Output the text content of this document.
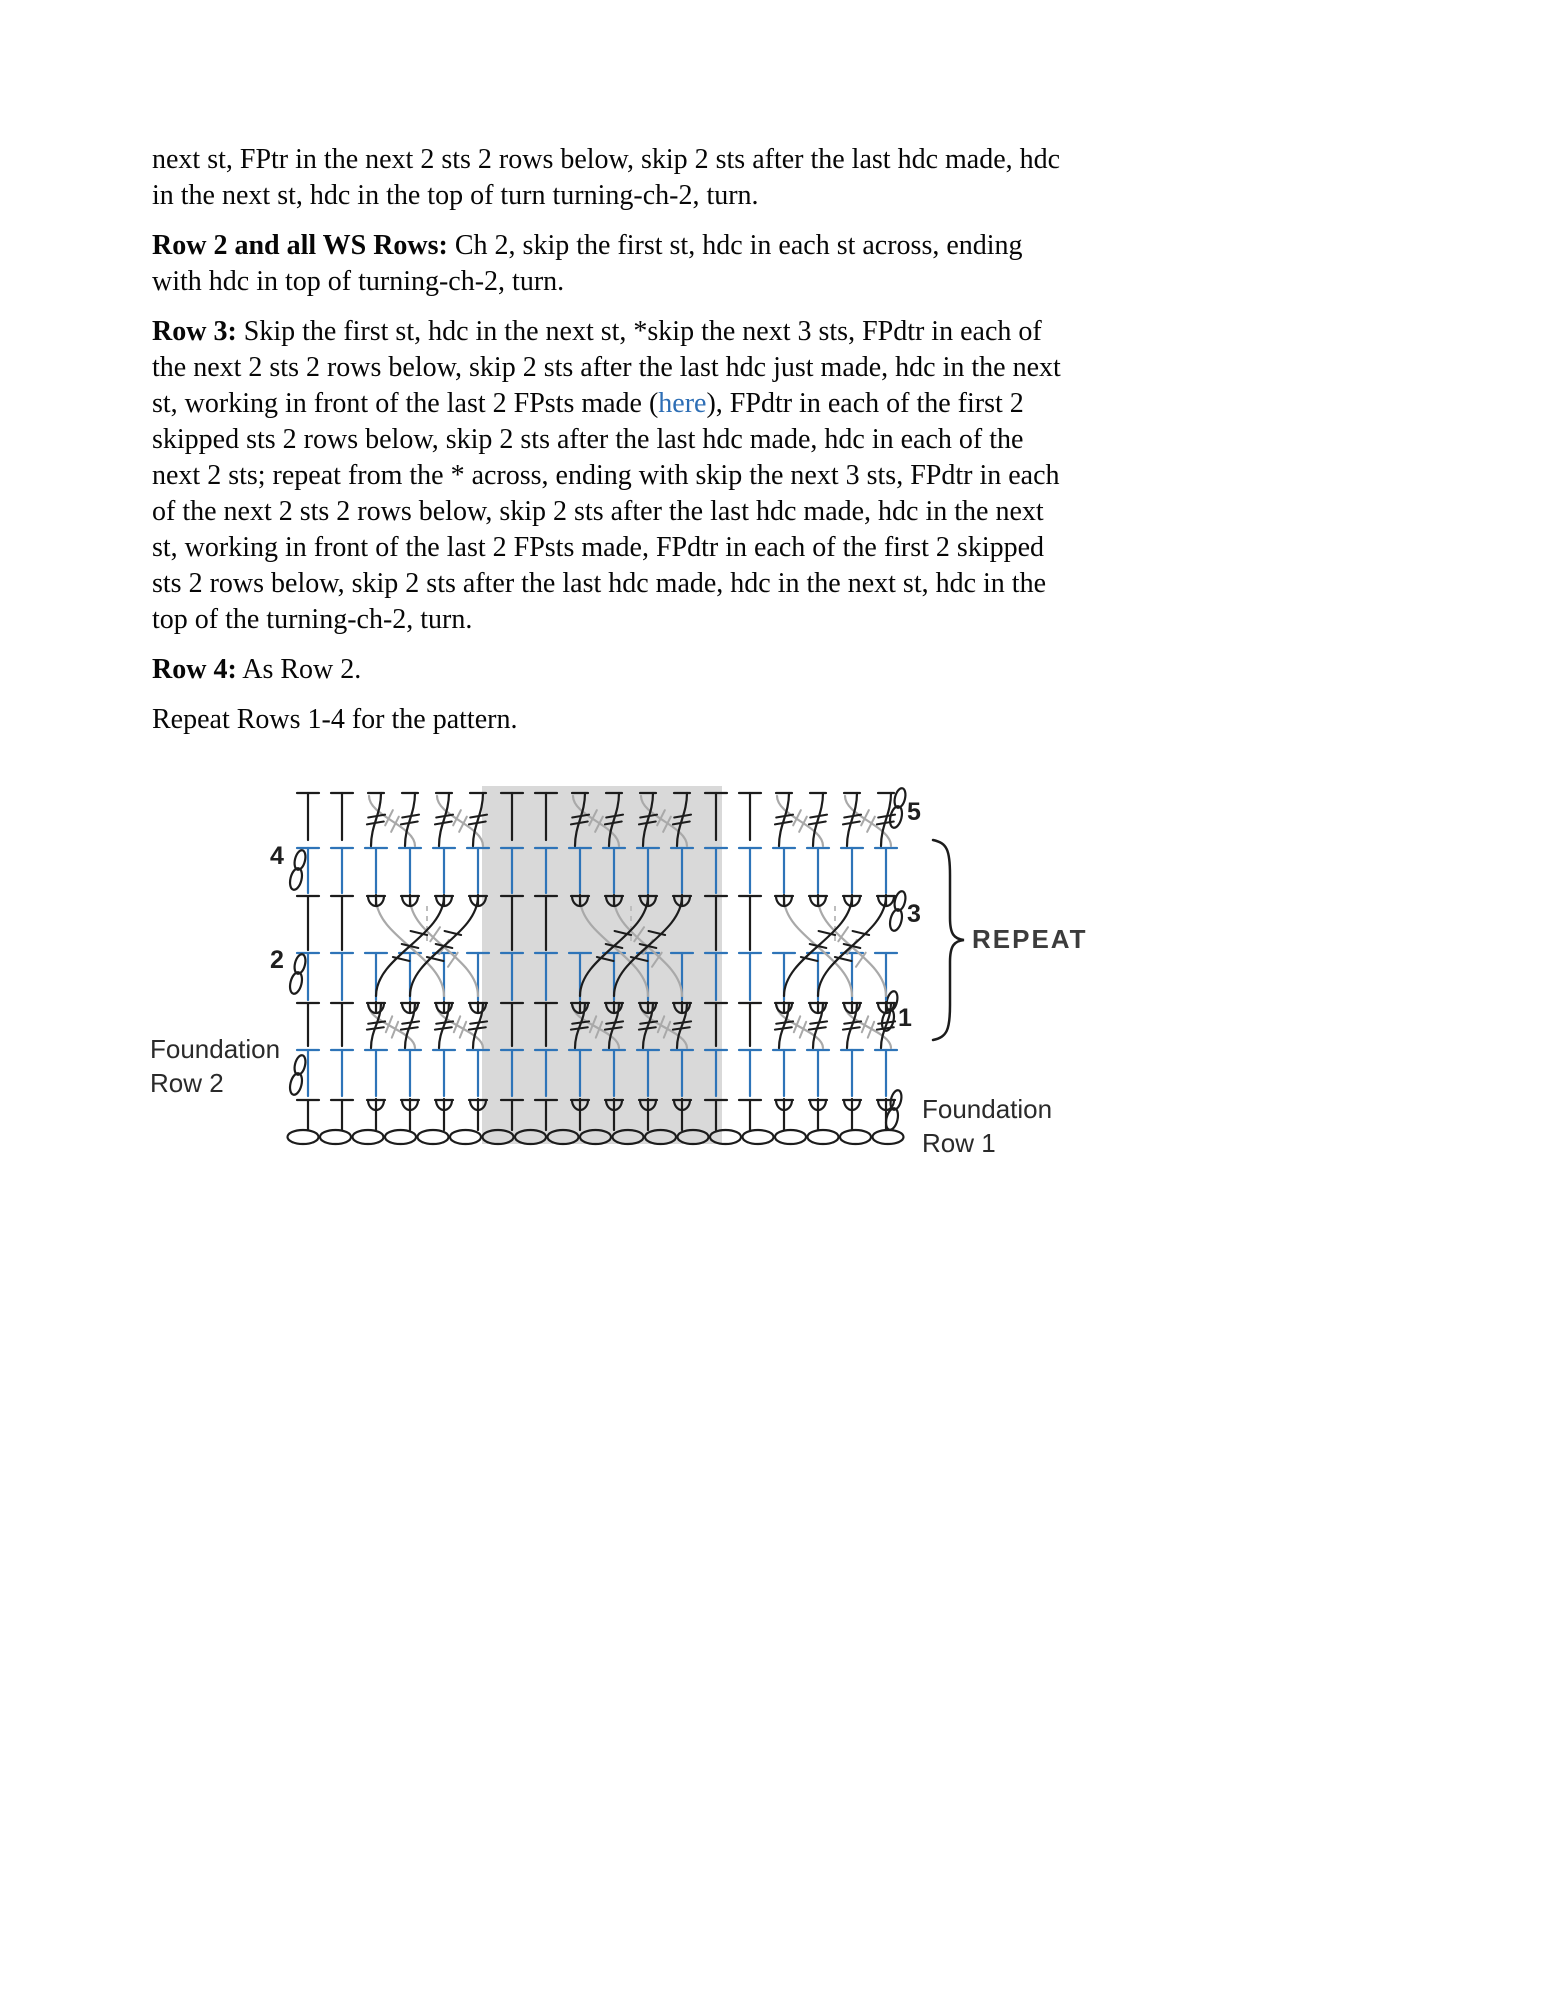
next st, FPtr in the next 2 sts 2 rows below, skip 2 sts after the last hdc made, hdc in the next st, hdc in the top of turn turning-ch-2, turn.

Row 2 and all WS Rows: Ch 2, skip the first st, hdc in each st across, ending with hdc in top of turning-ch-2, turn.

Row 3: Skip the first st, hdc in the next st, *skip the next 3 sts, FPdtr in each of the next 2 sts 2 rows below, skip 2 sts after the last hdc just made, hdc in the next st, working in front of the last 2 FPsts made (here), FPdtr in each of the first 2 skipped sts 2 rows below, skip 2 sts after the last hdc made, hdc in each of the next 2 sts; repeat from the * across, ending with skip the next 3 sts, FPdtr in each of the next 2 sts 2 rows below, skip 2 sts after the last hdc made, hdc in the next st, working in front of the last 2 FPsts made, FPdtr in each of the first 2 skipped sts 2 rows below, skip 2 sts after the last hdc made, hdc in the next st, hdc in the top of the turning-ch-2, turn.

Row 4: As Row 2.

Repeat Rows 1-4 for the pattern.

4
2
5
3
1
REPEAT
Foundation Row 2
Foundation Row 1
